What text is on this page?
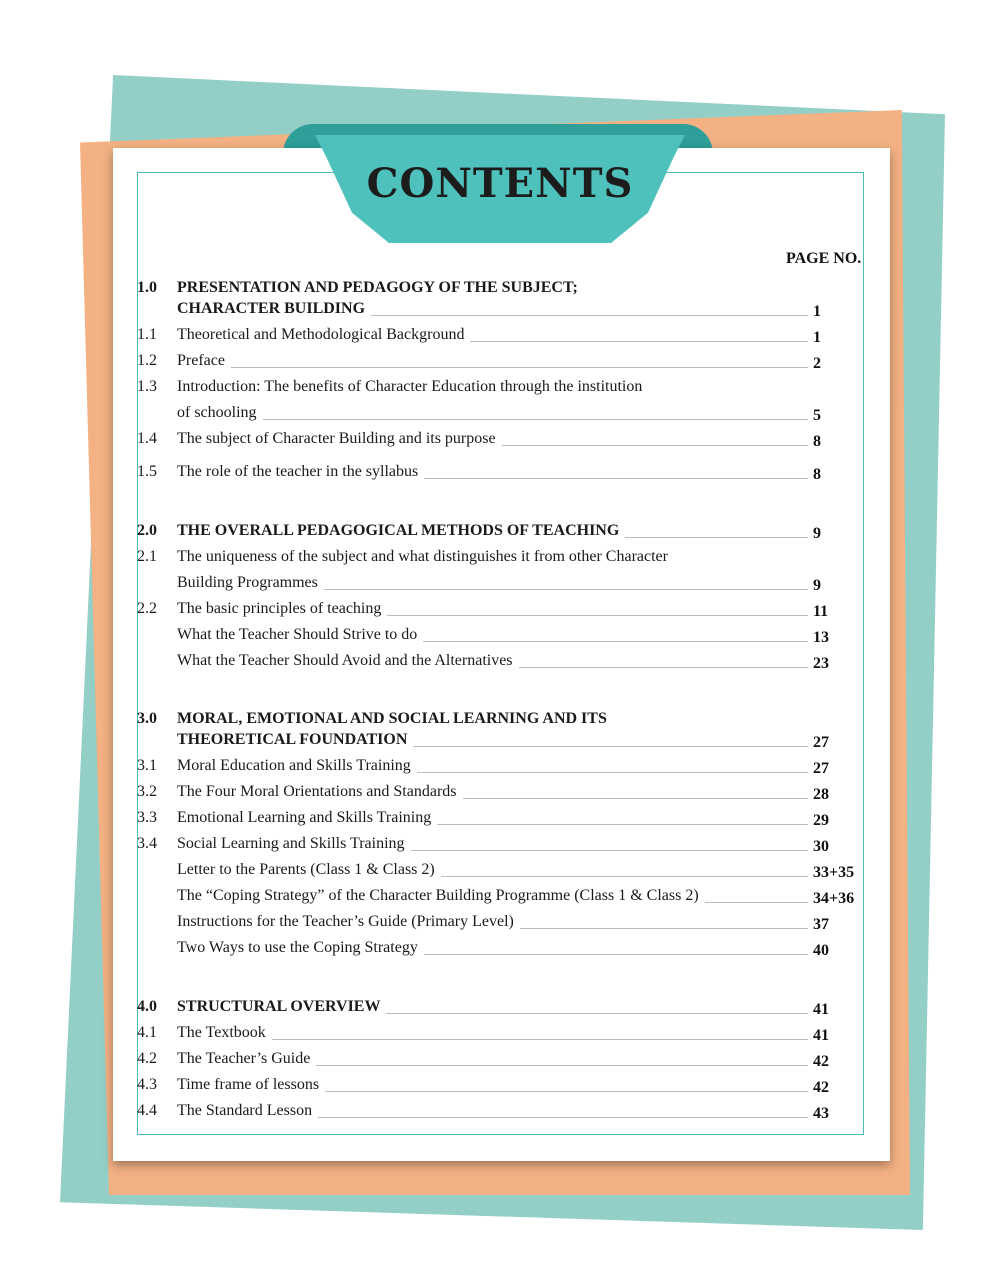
CONTENTS
PAGE NO.
1.0	PRESENTATION AND PEDAGOGY OF THE SUBJECT;
CHARACTER BUILDING	1
1.1	Theoretical and Methodological Background	1
1.2	Preface	2
1.3	Introduction: The benefits of Character Education through the institution
of schooling	5
1.4	The subject of Character Building and its purpose	8
1.5	The role of the teacher in the syllabus	8
2.0	THE OVERALL PEDAGOGICAL METHODS OF TEACHING	9
2.1	The uniqueness of the subject and what distinguishes it from other Character
Building Programmes	9
2.2	The basic principles of teaching	11
What the Teacher Should Strive to do	13
What the Teacher Should Avoid and the Alternatives	23
3.0	MORAL, EMOTIONAL AND SOCIAL LEARNING AND ITS
THEORETICAL FOUNDATION	27
3.1	Moral Education and Skills Training	27
3.2	The Four Moral Orientations and Standards	28
3.3	Emotional Learning and Skills Training	29
3.4	Social Learning and Skills Training	30
Letter to the Parents (Class 1 & Class 2)	33+35
The “Coping Strategy” of the Character Building Programme (Class 1 & Class 2)	34+36
Instructions for the Teacher’s Guide (Primary Level)	37
Two Ways to use the Coping Strategy	40
4.0	STRUCTURAL OVERVIEW	41
4.1	The Textbook	41
4.2	The Teacher’s Guide	42
4.3	Time frame of lessons	42
4.4	The Standard Lesson	43
